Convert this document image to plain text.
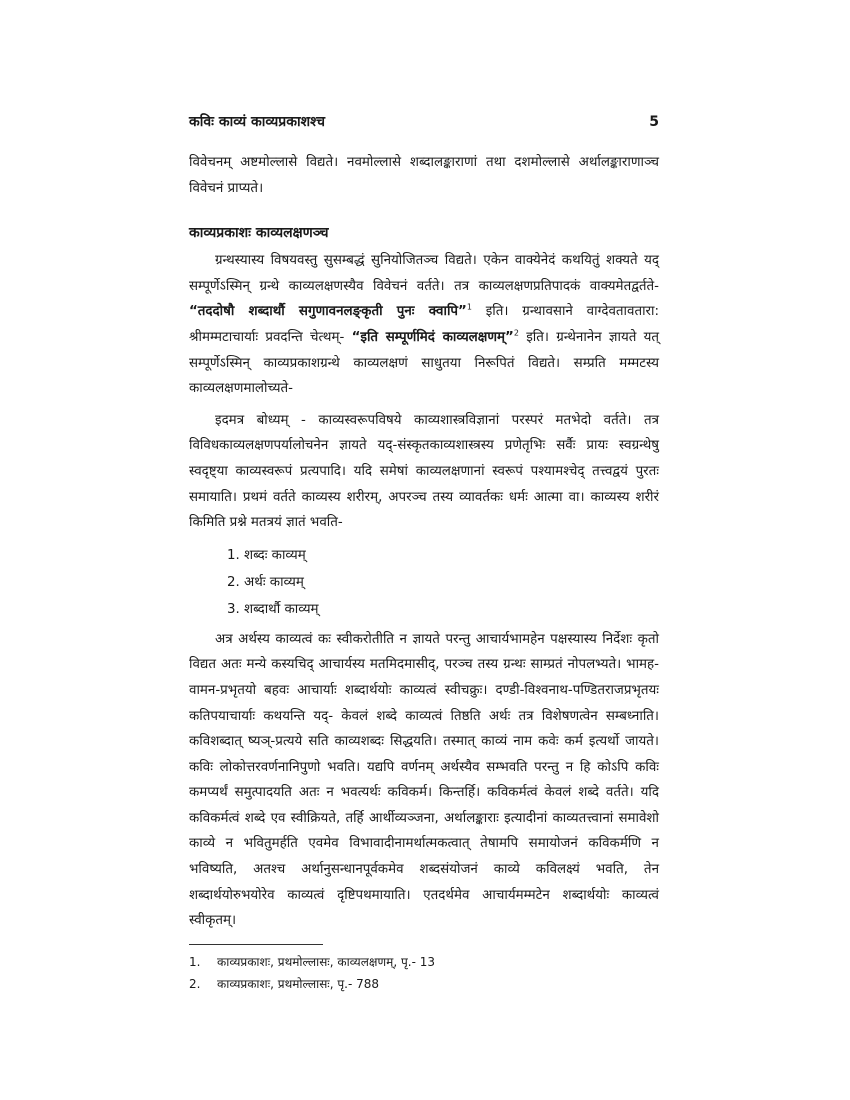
कविः काव्यं काव्यप्रकाशश्च	5

विवेचनम् अष्टमोल्लासे विद्यते। नवमोल्लासे शब्दालङ्काराणां तथा दशमोल्लासे अर्थालङ्काराणाञ्च विवेचनं प्राप्यते।

काव्यप्रकाशः काव्यलक्षणञ्च

ग्रन्थस्यास्य विषयवस्तु सुसम्बद्धं सुनियोजितञ्च विद्यते। एकेन वाक्येनेदं कथयितुं शक्यते यद् सम्पूर्णेऽस्मिन् ग्रन्थे काव्यलक्षणस्यैव विवेचनं वर्तते। तत्र काव्यलक्षणप्रतिपादकं वाक्यमेतद्वर्तते- “तददोषौ शब्दार्थौ सगुणावनलङ्कृती पुनः क्वापि”$^1$ इति। ग्रन्थावसाने वाग्देवतावतारा: श्रीमम्मटाचार्याः प्रवदन्ति चेत्थम्- “इति सम्पूर्णमिदं काव्यलक्षणम्”$^2$ इति। ग्रन्थेनानेन ज्ञायते यत् सम्पूर्णेऽस्मिन् काव्यप्रकाशग्रन्थे काव्यलक्षणं साधुतया निरूपितं विद्यते। सम्प्रति मम्मटस्य काव्यलक्षणमालोच्यते-

इदमत्र बोध्यम् - काव्यस्वरूपविषये काव्यशास्त्रविज्ञानां परस्परं मतभेदो वर्तते। तत्र विविधकाव्यलक्षणपर्यालोचनेन ज्ञायते यद्-संस्कृतकाव्यशास्त्रस्य प्रणेतृभिः सर्वैः प्रायः स्वग्रन्थेषु स्वदृष्ट्या काव्यस्वरूपं प्रत्यपादि। यदि समेषां काव्यलक्षणानां स्वरूपं पश्यामश्चेद् तत्त्वद्वयं पुरतः समायाति। प्रथमं वर्तते काव्यस्य शरीरम्, अपरञ्च तस्य व्यावर्तकः धर्मः आत्मा वा। काव्यस्य शरीरं किमिति प्रश्ने मतत्रयं ज्ञातं भवति-

1. शब्दः काव्यम्
2. अर्थः काव्यम्
3. शब्दार्थौ काव्यम्

अत्र अर्थस्य काव्यत्वं कः स्वीकरोतीति न ज्ञायते परन्तु आचार्यभामहेन पक्षस्यास्य निर्देशः कृतो विद्यत अतः मन्ये कस्यचिद् आचार्यस्य मतमिदमासीद्, परञ्च तस्य ग्रन्थः साम्प्रतं नोपलभ्यते। भामह-वामन-प्रभृतयो बहवः आचार्याः शब्दार्थयोः काव्यत्वं स्वीचक्रुः। दण्डी-विश्वनाथ-पण्डितराजप्रभृतयः कतिपयाचार्याः कथयन्ति यद्- केवलं शब्दे काव्यत्वं तिष्ठति अर्थः तत्र विशेषणत्वेन सम्बध्नाति। कविशब्दात् ष्यञ्-प्रत्यये सति काव्यशब्दः सिद्धयति। तस्मात् काव्यं नाम कवेः कर्म इत्यर्थो जायते। कविः लोकोत्तरवर्णनानिपुणो भवति। यद्यपि वर्णनम् अर्थस्यैव सम्भवति परन्तु न हि कोऽपि कविः कमप्यर्थं समुत्पादयति अतः न भवत्यर्थः कविकर्म। किन्तर्हि। कविकर्मत्वं केवलं शब्दे वर्तते। यदि कविकर्मत्वं शब्दे एव स्वीक्रियते, तर्हि आर्थीव्यञ्जना, अर्थालङ्काराः इत्यादीनां काव्यतत्त्वानां समावेशो काव्ये न भवितुमर्हति एवमेव विभावादीनामर्थात्मकत्वात् तेषामपि समायोजनं कविकर्मणि न भविष्यति, अतश्च अर्थानुसन्धानपूर्वकमेव शब्दसंयोजनं काव्ये कविलक्ष्यं भवति, तेन शब्दार्थयोरुभयोरेव काव्यत्वं दृष्टिपथमायाति। एतदर्थमेव आचार्यमम्मटेन शब्दार्थयोः काव्यत्वं स्वीकृतम्।

1.	काव्यप्रकाशः, प्रथमोल्लासः, काव्यलक्षणम्, पृ.- 13
2.	काव्यप्रकाशः, प्रथमोल्लासः, पृ.- 788
